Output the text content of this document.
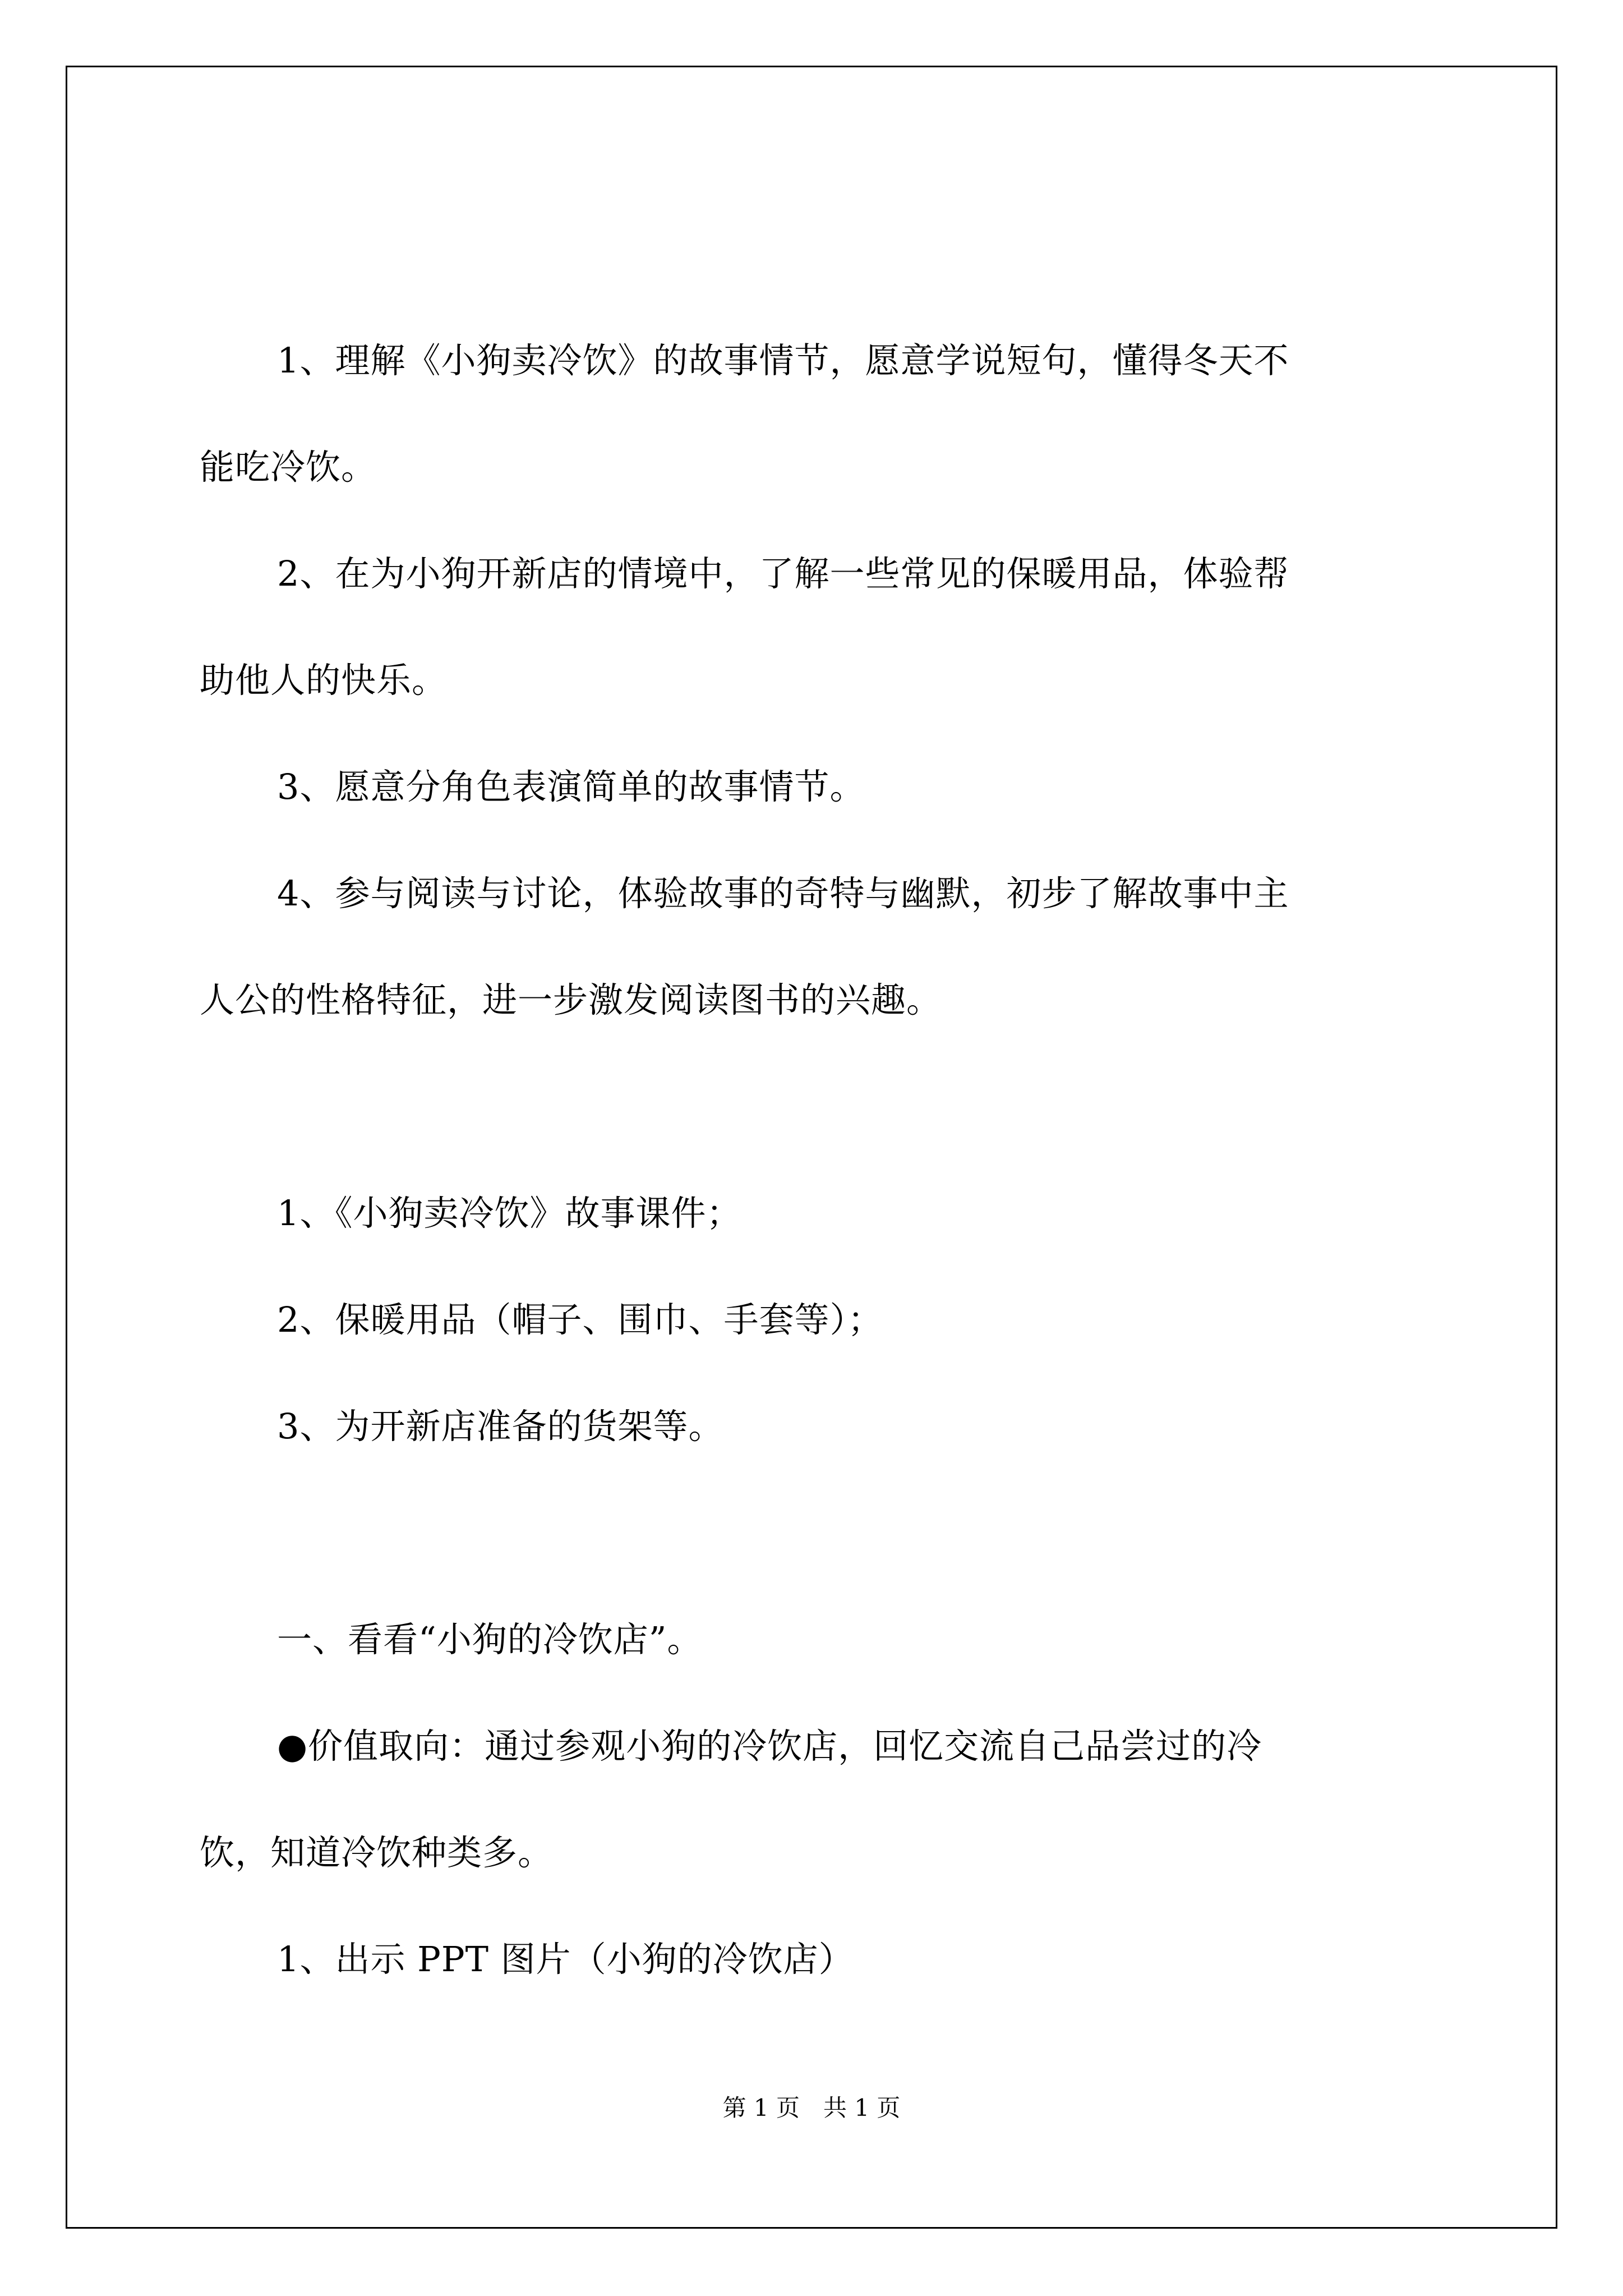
1、理解《小狗卖冷饮》的故事情节，愿意学说短句，懂得冬天不

能吃冷饮。

2、在为小狗开新店的情境中，了解一些常见的保暖用品，体验帮

助他人的快乐。

3、愿意分角色表演简单的故事情节。

4、参与阅读与讨论，体验故事的奇特与幽默，初步了解故事中主

人公的性格特征，进一步激发阅读图书的兴趣。

1、《小狗卖冷饮》故事课件；

2、保暖用品（帽子、围巾、手套等）；

3、为开新店准备的货架等。

一、看看“小狗的冷饮店”。

●价值取向：通过参观小狗的冷饮店，回忆交流自己品尝过的冷

饮，知道冷饮种类多。

1、出示 PPT 图片（小狗的冷饮店）

第 1 页　共 1 页
